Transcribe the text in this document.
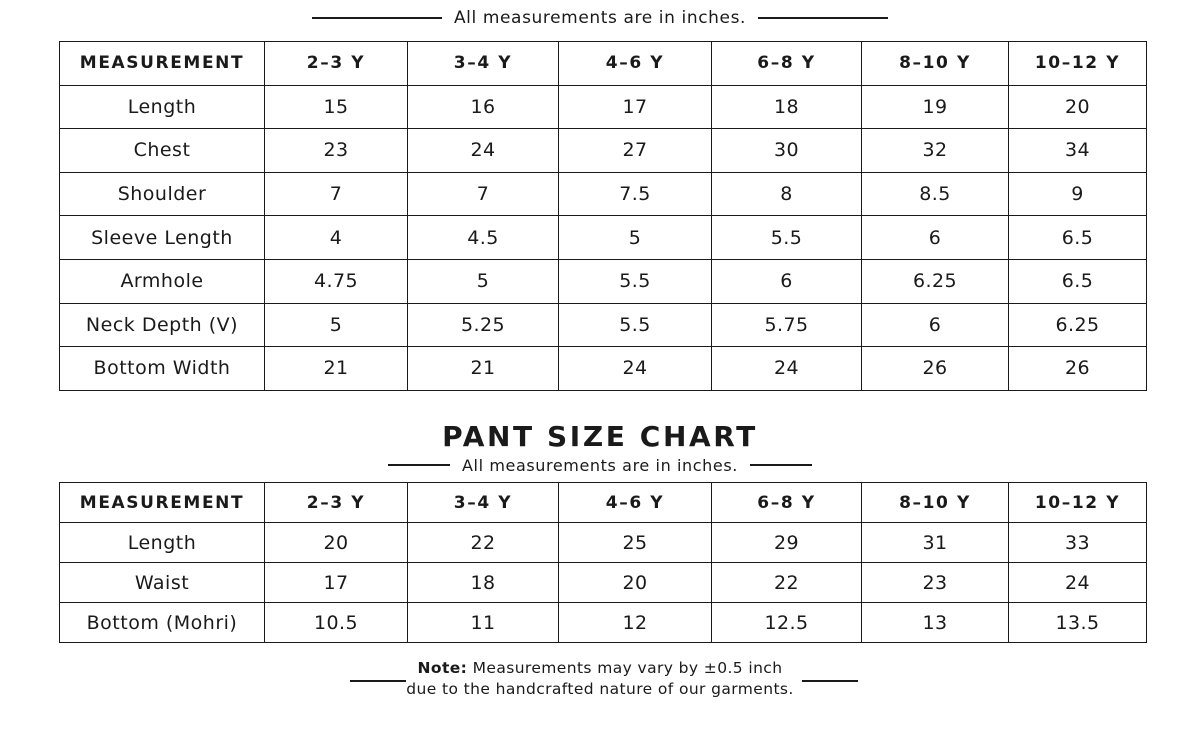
All measurements are in inches.
MEASUREMENT	2–3 Y	3–4 Y	4–6 Y	6–8 Y	8–10 Y	10–12 Y
Length	15	16	17	18	19	20
Chest	23	24	27	30	32	34
Shoulder	7	7	7.5	8	8.5	9
Sleeve Length	4	4.5	5	5.5	6	6.5
Armhole	4.75	5	5.5	6	6.25	6.5
Neck Depth (V)	5	5.25	5.5	5.75	6	6.25
Bottom Width	21	21	24	24	26	26
PANT SIZE CHART
All measurements are in inches.
MEASUREMENT	2–3 Y	3–4 Y	4–6 Y	6–8 Y	8–10 Y	10–12 Y
Length	20	22	25	29	31	33
Waist	17	18	20	22	23	24
Bottom (Mohri)	10.5	11	12	12.5	13	13.5
Note: Measurements may vary by ±0.5 inch
due to the handcrafted nature of our garments.
